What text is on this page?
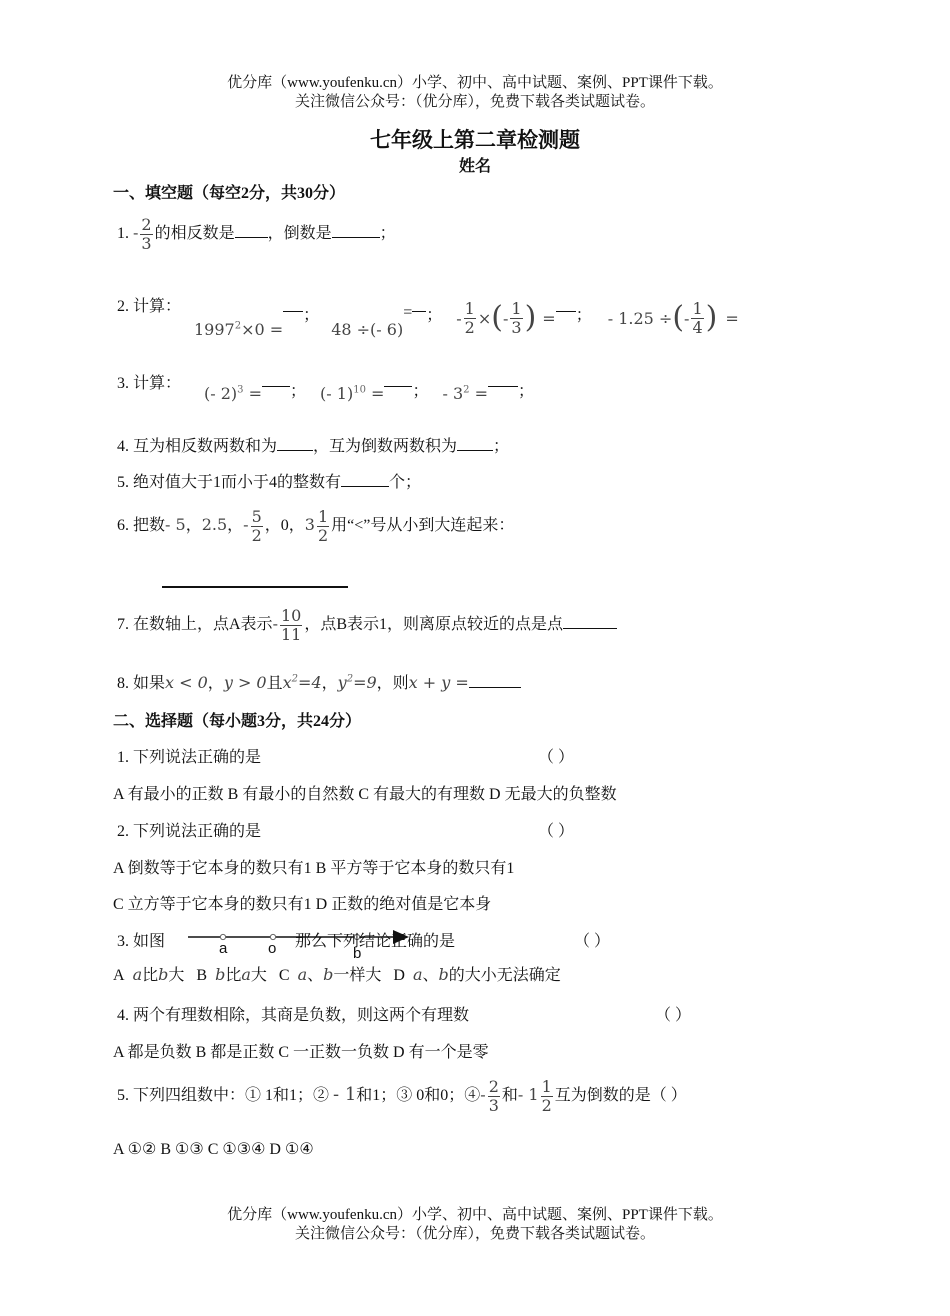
优分库（www.youfenku.cn）小学、初中、高中试题、案例、PPT课件下载。
关注微信公众号：（优分库），免费下载各类试题试卷。
七年级上第二章检测题
姓名
一、填空题（每空2分，共30分）
1. - $\frac{2}{3}$ 的相反数是 ，倒数是	；
2. 计算：
$1997^2\times 0$ =
；
48 ÷(- 6)
= ； - $\frac{1}{2}$ × ( - $\frac{1}{3}$ ) = ； - 1.25 ÷ ( - $\frac{1}{4}$ ) =
3. 计算：
(- 2)$^3$ = ； (- 1)$^{10}$ = ； - $3^2$ = ；
4. 互为相反数两数和为 ，互为倒数两数积为 ；
5. 绝对值大于1而小于4的整数有	个；
6. 把数- 5，2.5，- $\frac{5}{2}$ ，0，$3 \frac{1}{2}$ 用“<”号从小到大连起来：
7. 在数轴上，点A表示- $\frac{10}{11}$ ，点B表示1，则离原点较近的点是点
8. 如果x < 0，y > 0且$x^2=4$，$y^2=9$，则x + y =
二、选择题（每小题3分，共24分）
1. 下列说法正确的是	（ ）
A 有最小的正数 B 有最小的自然数 C 有最大的有理数 D 无最大的负整数
2. 下列说法正确的是	（ ）
A 倒数等于它本身的数只有1 B 平方等于它本身的数只有1
C 立方等于它本身的数只有1 D 正数的绝对值是它本身
3. 如图	a	o	b
那么下列结论正确的是	（ ）
A a比b大 B b比a大 C a、b一样大 D a、b的大小无法确定
4. 两个有理数相除，其商是负数，则这两个有理数	（ ）
A 都是负数 B 都是正数 C 一正数一负数 D 有一个是零
5. 下列四组数中：① 1和1；② - 1和1；③ 0和0；④- $\frac{2}{3}$ 和- $1 \frac{1}{2}$ 互为倒数的是（ ）
A ①② B ①③ C ①③④ D ①④
优分库（www.youfenku.cn）小学、初中、高中试题、案例、PPT课件下载。
关注微信公众号：（优分库），免费下载各类试题试卷。
